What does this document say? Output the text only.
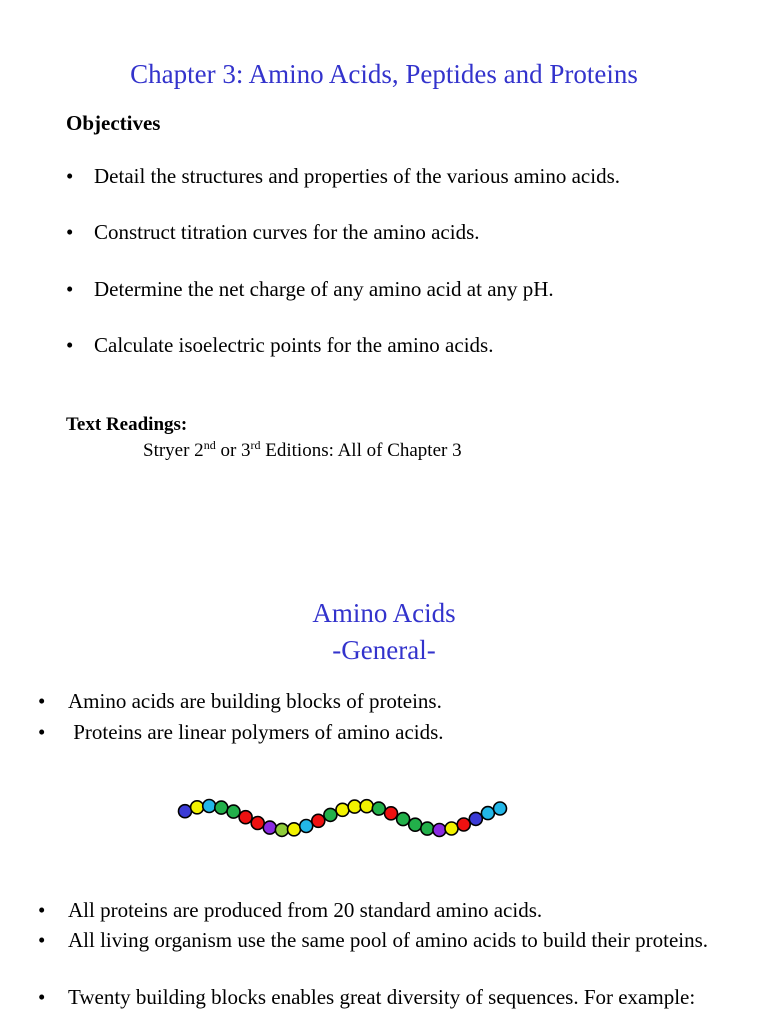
Chapter 3: Amino Acids, Peptides and Proteins
Objectives
• Detail the structures and properties of the various amino acids.
• Construct titration curves for the amino acids.
• Determine the net charge of any amino acid at any pH.
• Calculate isoelectric points for the amino acids.
Text Readings:
Stryer 2nd or 3rd Editions: All of Chapter 3
Amino Acids
-General-
• Amino acids are building blocks of proteins.
• Proteins are linear polymers of amino acids.
• All proteins are produced from 20 standard amino acids.
• All living organism use the same pool of amino acids to build their proteins.
• Twenty building blocks enables great diversity of sequences. For example:
